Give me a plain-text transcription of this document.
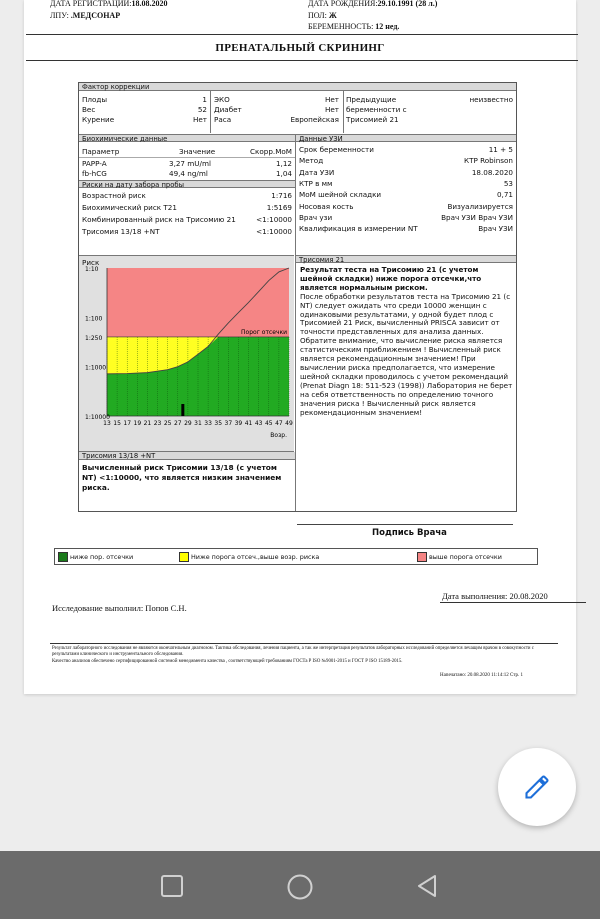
ДАТА РЕГИСТРАЦИИ:18.08.2020
ЛПУ: .МЕДСОНАР
ДАТА РОЖДЕНИЯ:29.10.1991 (28 л.)
ПОЛ: Ж
БЕРЕМЕННОСТЬ: 12 нед.
ПРЕНАТАЛЬНЫЙ СКРИНИНГ
Фактор коррекции
Плоды	1
Вес	52
Курение	Нет
ЭКО	Нет
Диабет	Нет
Раса	Европейская
Предыдущие беременности с Трисомией 21
неизвестно
Биохимические данные
Параметр	Значение	Скорр.МоМ
PAPP-A	3,27 mU/ml	1,12
fb-hCG	49,4 ng/ml	1,04
Риски на дату забора пробы
Возрастной риск	1:716
Биохимический риск Т21	1:5169
Комбинированный риск на Трисомию 21	<1:10000
Трисомия 13/18 +NT	<1:10000
Данные УЗИ
Риск
1:10
1:100
1:250
1:1000
1:10000
13 15 17 19 21 23 25 27 29 31 33 35 37 39 41 43 45 47 49
Порог отсечки
Возр.
Трисомия 21
Результат теста на Трисомию 21 (с учетом шейной складки) ниже порога отсечки,что является нормальным риском.
После обработки результатов теста на Трисомию 21 (с NT) следует ожидать что среди 10000 женщин с одинаковыми результатами, у одной будет плод с Трисомией 21 Риск, вычисленный PRISCA зависит от точности представленных для анализа данных. Обратите внимание, что вычисление риска является статистическим приближением ! Вычисленный риск является рекомендационным значением! При вычислении риска предполагается, что измерение шейной складки проводилось с учетом рекомендаций (Prenat Diagn 18: 511-523 (1998)) Лаборатория не берет на себя ответственность по определению точного значения риска ! Вычисленный риск является рекомендационным значением!
Трисомия 13/18 +NT
Вычисленный риск Трисомии 13/18 (с учетом NT) <1:10000, что является низким значением риска.
Срок беременности	11 + 5
Метод	КТР Robinson
Дата УЗИ	18.08.2020
КТР в мм	53
МоМ шейной складки	0,71
Носовая кость	Визуализируется
Врач узи	Врач УЗИ Врач УЗИ
Квалификация в измерении NT	Врач УЗИ
Подпись Врача
ниже пор. отсечки	Ниже порога отсеч.,выше возр. риска	выше порога отсечки
Дата выполнения: 20.08.2020
Исследование выполнил: Попов С.Н.
Результат лабораторного исследования не являются окончательным диагнозом. Тактика обследования, лечения пациента, а так же интерпретация результатов лабораторных исследований определяется лечащим врачом в совокупности с результатами клинического и инструментального обследования.
Качество анализов обеспечено сертифицированной системой менеджмента качества , соответствующей требованиям ГОСТа Р ISO №9001-2015 и ГОСТ Р ISO 15189-2015.
Напечатано: 20.08.2020 11:14:12 Стр. 1
